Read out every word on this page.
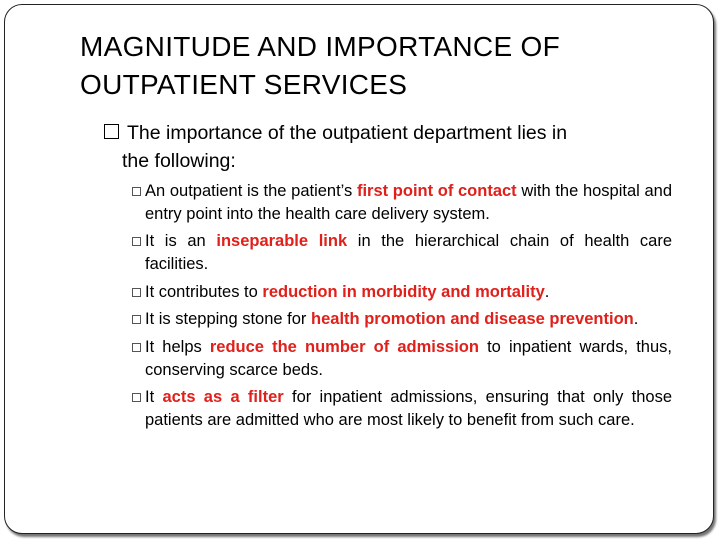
MAGNITUDE AND IMPORTANCE OF
OUTPATIENT SERVICES
The importance of the outpatient department lies in
the following:
An outpatient is the patient’s first point of contact with the hospital and entry point into the health care delivery system.
It is an inseparable link in the hierarchical chain of health care facilities.
It contributes to reduction in morbidity and mortality.
It is stepping stone for health promotion and disease prevention.
It helps reduce the number of admission to inpatient wards, thus, conserving scarce beds.
It acts as a filter for inpatient admissions, ensuring that only those patients are admitted who are most likely to benefit from such care.
